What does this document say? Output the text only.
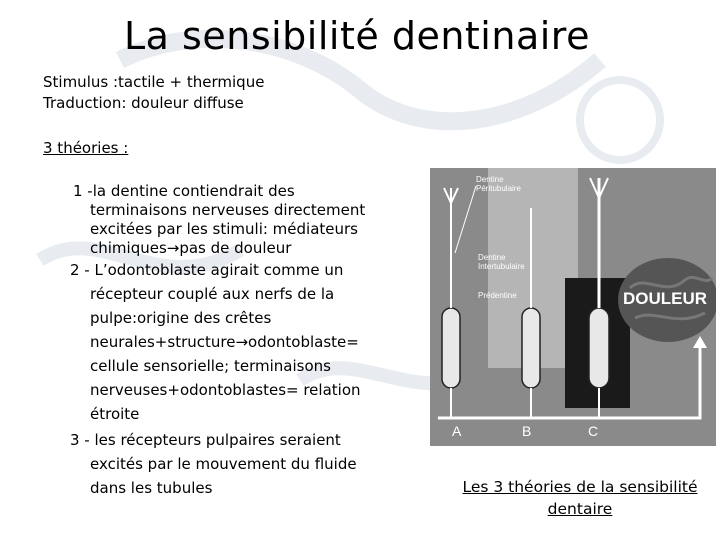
La sensibilité dentinaire
Stimulus :tactile + thermique
Traduction: douleur diffuse
3 théories :
1 -la dentine contiendrait des
terminaisons nerveuses directement
excitées par les stimuli: médiateurs
chimiques→pas de douleur
2 - L’odontoblaste agirait comme un
récepteur couplé aux nerfs de la
pulpe:origine des crêtes
neurales+structure→odontoblaste=
cellule sensorielle; terminaisons
nerveuses+odontoblastes= relation
étroite
3 - les récepteurs pulpaires seraient
excités par le mouvement du fluide
dans les tubules
Dentine Péritubulaire
Dentine Intertubulaire
Prédentine	DOULEUR
A	B	C
Les 3 théories de la sensibilité dentaire
